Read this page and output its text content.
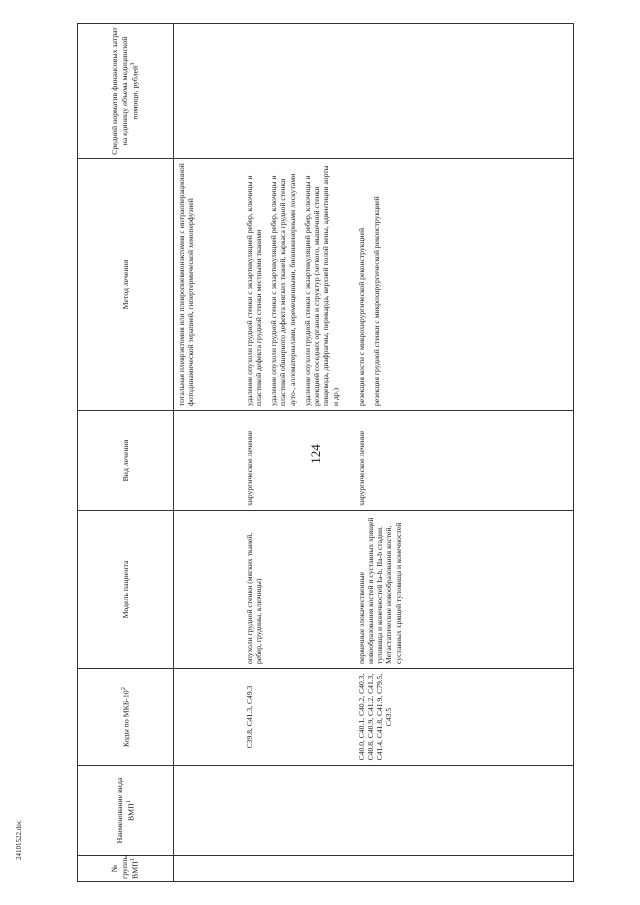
124
24101522.doc
№ группы ВМП$^1$	Наименование вида ВМП$^1$	Коды по МКБ-$10^2$	Модель пациента	Вид лечения	Метод лечения	Средний норматив финансовых затрат на единицу объема медицинской помощи, рублей$^3$

					тотальная плеврэктомия или плевропневмонэктомия с интраоперационной фотодинамической терапией, гипертермической хемоперфузией	

		C39.8, C41.3, C49.3	опухоли грудной стенки (мягких тканей, ребер, грудины, ключицы)	хирургическое лечение	удаление опухоли грудной стенки с экзартикуляцией ребер, ключицы и пластикой дефекта грудной стенки местными тканями удаление опухоли грудной стенки с экзартикуляцией ребер, ключицы и пластикой обширного дефекта мягких тканей, каркаса грудной стенки ауто-, алломатериалами, перемещенными, биоинженерными лоскутами удаление опухоли грудной стенки с экзартикуляцией ребер, ключицы и резекцией соседних органов и структур (легкого, мышечной стенки пищевода, диафрагмы, перикарда, верхней полой вены, адвентиции аорты и др.)	

		C40.0, C40.1, C40.2, C40.3, C40.8, C40.9, C41.2, C41.3, C41.4, C41.8, C41.9, C79.5, C43.5	первичные злокачественные новообразования костей и суставных хрящей туловища и конечностей Ia-b, IIa-b стадии. Метастатические новообразования костей, суставных хрящей туловища и конечностей	хирургическое лечение	резекция кости с микрохирургической реконструкцией резекция грудной стенки с микрохирургической реконструкцией	
